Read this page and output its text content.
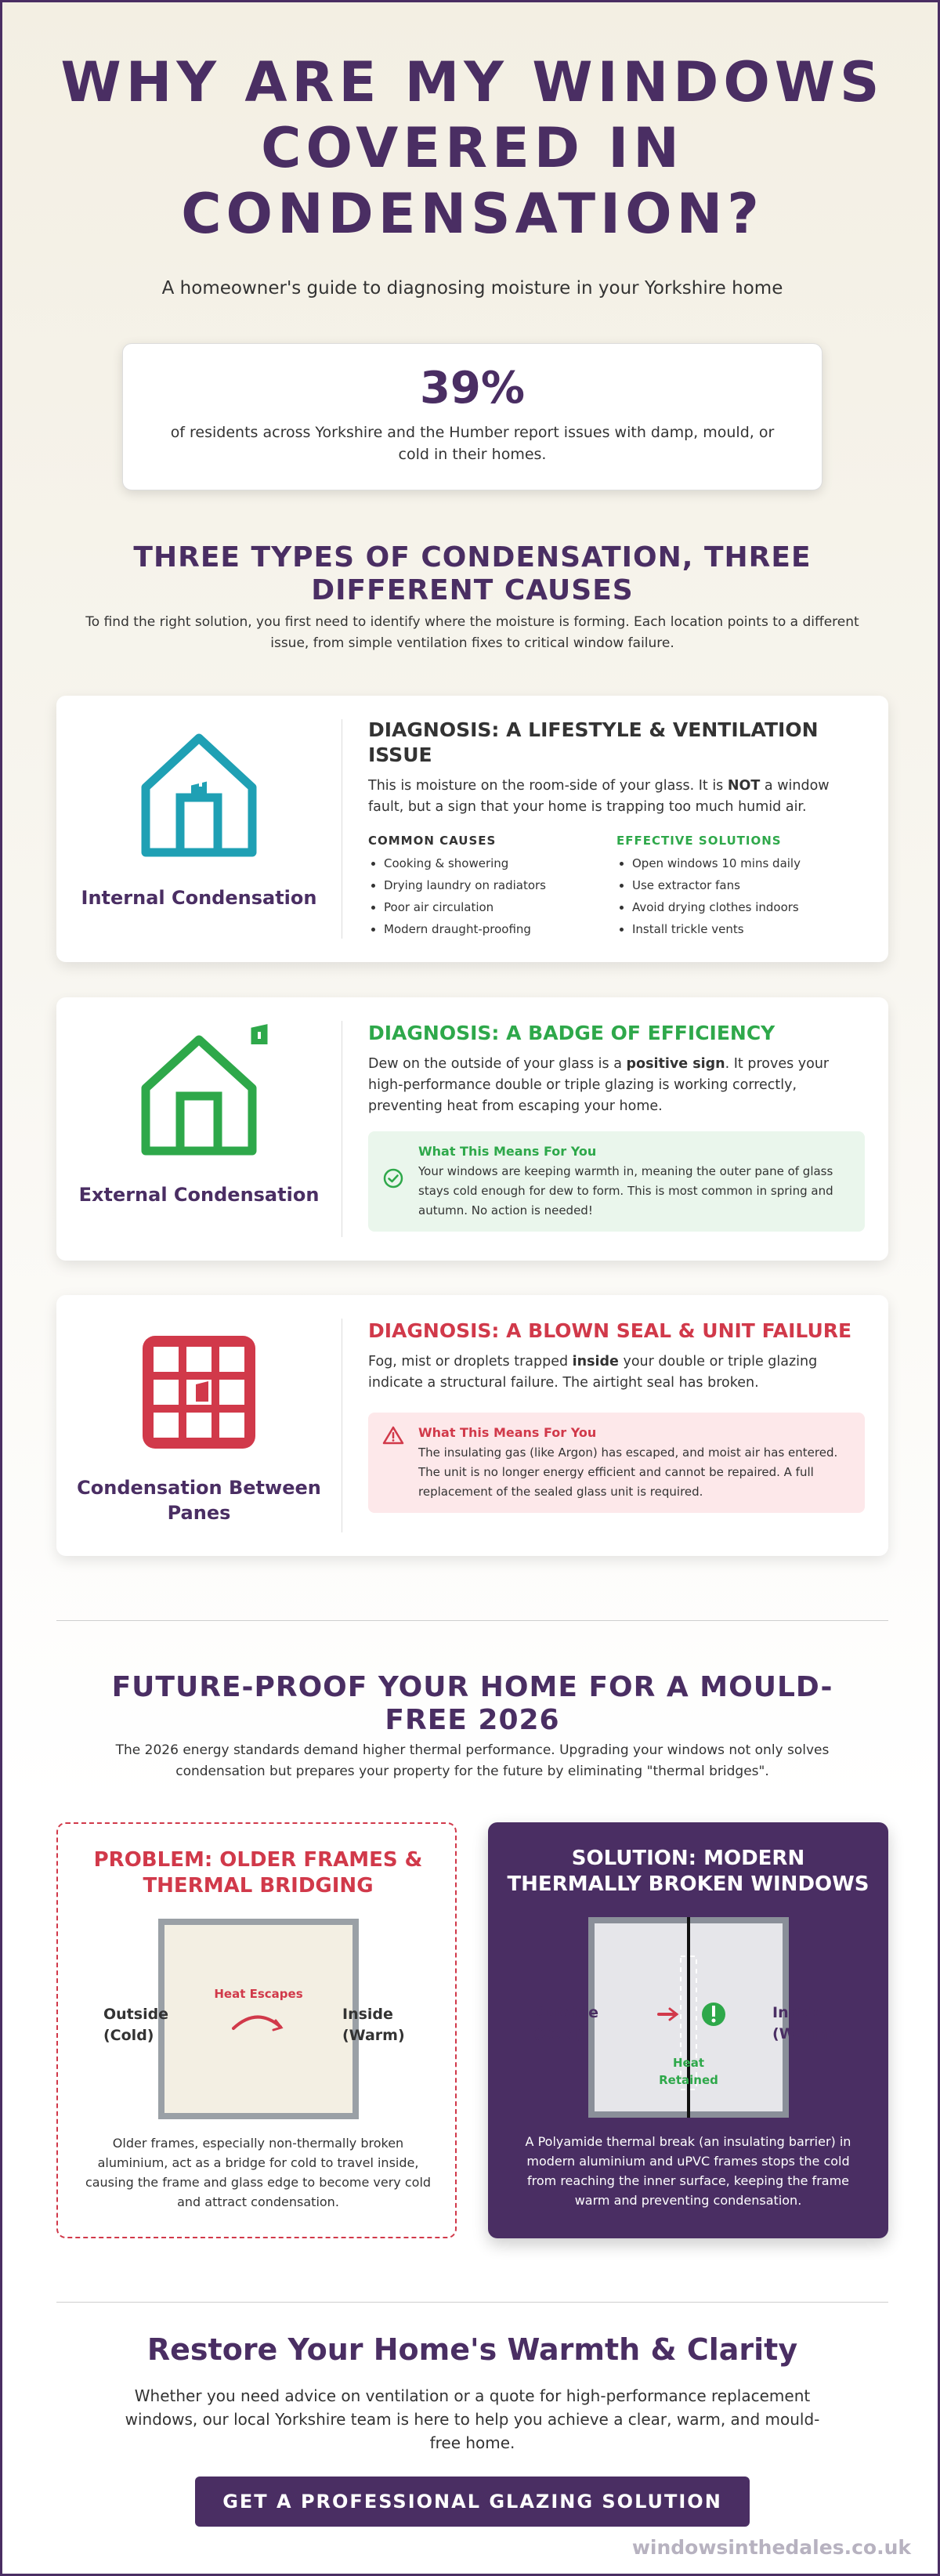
WHY ARE MY WINDOWS COVERED IN CONDENSATION?
A homeowner's guide to diagnosing moisture in your Yorkshire home
39%
of residents across Yorkshire and the Humber report issues with damp, mould, or cold in their homes.
THREE TYPES OF CONDENSATION, THREE DIFFERENT CAUSES
To find the right solution, you first need to identify where the moisture is forming. Each location points to a different issue, from simple ventilation fixes to critical window failure.
Internal Condensation
DIAGNOSIS: A LIFESTYLE & VENTILATION ISSUE
This is moisture on the room-side of your glass. It is NOT a window fault, but a sign that your home is trapping too much humid air.
COMMON CAUSES
• Cooking & showering
• Drying laundry on radiators
• Poor air circulation
• Modern draught-proofing
EFFECTIVE SOLUTIONS
• Open windows 10 mins daily
• Use extractor fans
• Avoid drying clothes indoors
• Install trickle vents
External Condensation
DIAGNOSIS: A BADGE OF EFFICIENCY
Dew on the outside of your glass is a positive sign. It proves your high-performance double or triple glazing is working correctly, preventing heat from escaping your home.
What This Means For You
Your windows are keeping warmth in, meaning the outer pane of glass stays cold enough for dew to form. This is most common in spring and autumn. No action is needed!
Condensation Between Panes
DIAGNOSIS: A BLOWN SEAL & UNIT FAILURE
Fog, mist or droplets trapped inside your double or triple glazing indicate a structural failure. The airtight seal has broken.
What This Means For You
The insulating gas (like Argon) has escaped, and moist air has entered. The unit is no longer energy efficient and cannot be repaired. A full replacement of the sealed glass unit is required.
FUTURE-PROOF YOUR HOME FOR A MOULD-FREE 2026
The 2026 energy standards demand higher thermal performance. Upgrading your windows not only solves condensation but prepares your property for the future by eliminating "thermal bridges".
PROBLEM: OLDER FRAMES & THERMAL BRIDGING
Heat Escapes
Outside (Cold)
Inside (Warm)
Older frames, especially non-thermally broken aluminium, act as a bridge for cold to travel inside, causing the frame and glass edge to become very cold and attract condensation.
SOLUTION: MODERN THERMALLY BROKEN WINDOWS
Heat Retained
Outside (Cold)
Inside (Warm)
A Polyamide thermal break (an insulating barrier) in modern aluminium and uPVC frames stops the cold from reaching the inner surface, keeping the frame warm and preventing condensation.
Restore Your Home's Warmth & Clarity
Whether you need advice on ventilation or a quote for high-performance replacement windows, our local Yorkshire team is here to help you achieve a clear, warm, and mould-free home.
GET A PROFESSIONAL GLAZING SOLUTION
windowsinthedales.co.uk
